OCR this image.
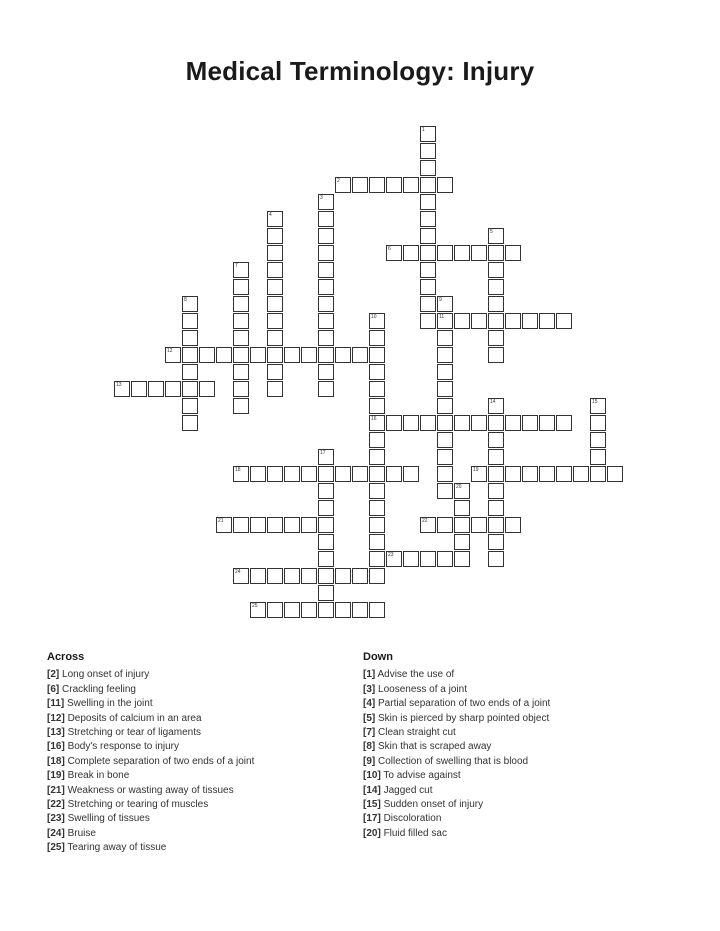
Medical Terminology: Injury
1
2
3
4
5
6
7
8	9
11
10
16
12
13
14	15
17
18	19
20
21	22
23
24
25
Across
[2] Long onset of injury
[6] Crackling feeling
[11] Swelling in the joint
[12] Deposits of calcium in an area
[13] Stretching or tear of ligaments
[16] Body's response to injury
[18] Complete separation of two ends of a joint
[19] Break in bone
[21] Weakness or wasting away of tissues
[22] Stretching or tearing of muscles
[23] Swelling of tissues
[24] Bruise
[25] Tearing away of tissue
Down
[1] Advise the use of
[3] Looseness of a joint
[4] Partial separation of two ends of a joint
[5] Skin is pierced by sharp pointed object
[7] Clean straight cut
[8] Skin that is scraped away
[9] Collection of swelling that is blood
[10] To advise against
[14] Jagged cut
[15] Sudden onset of injury
[17] Discoloration
[20] Fluid filled sac
